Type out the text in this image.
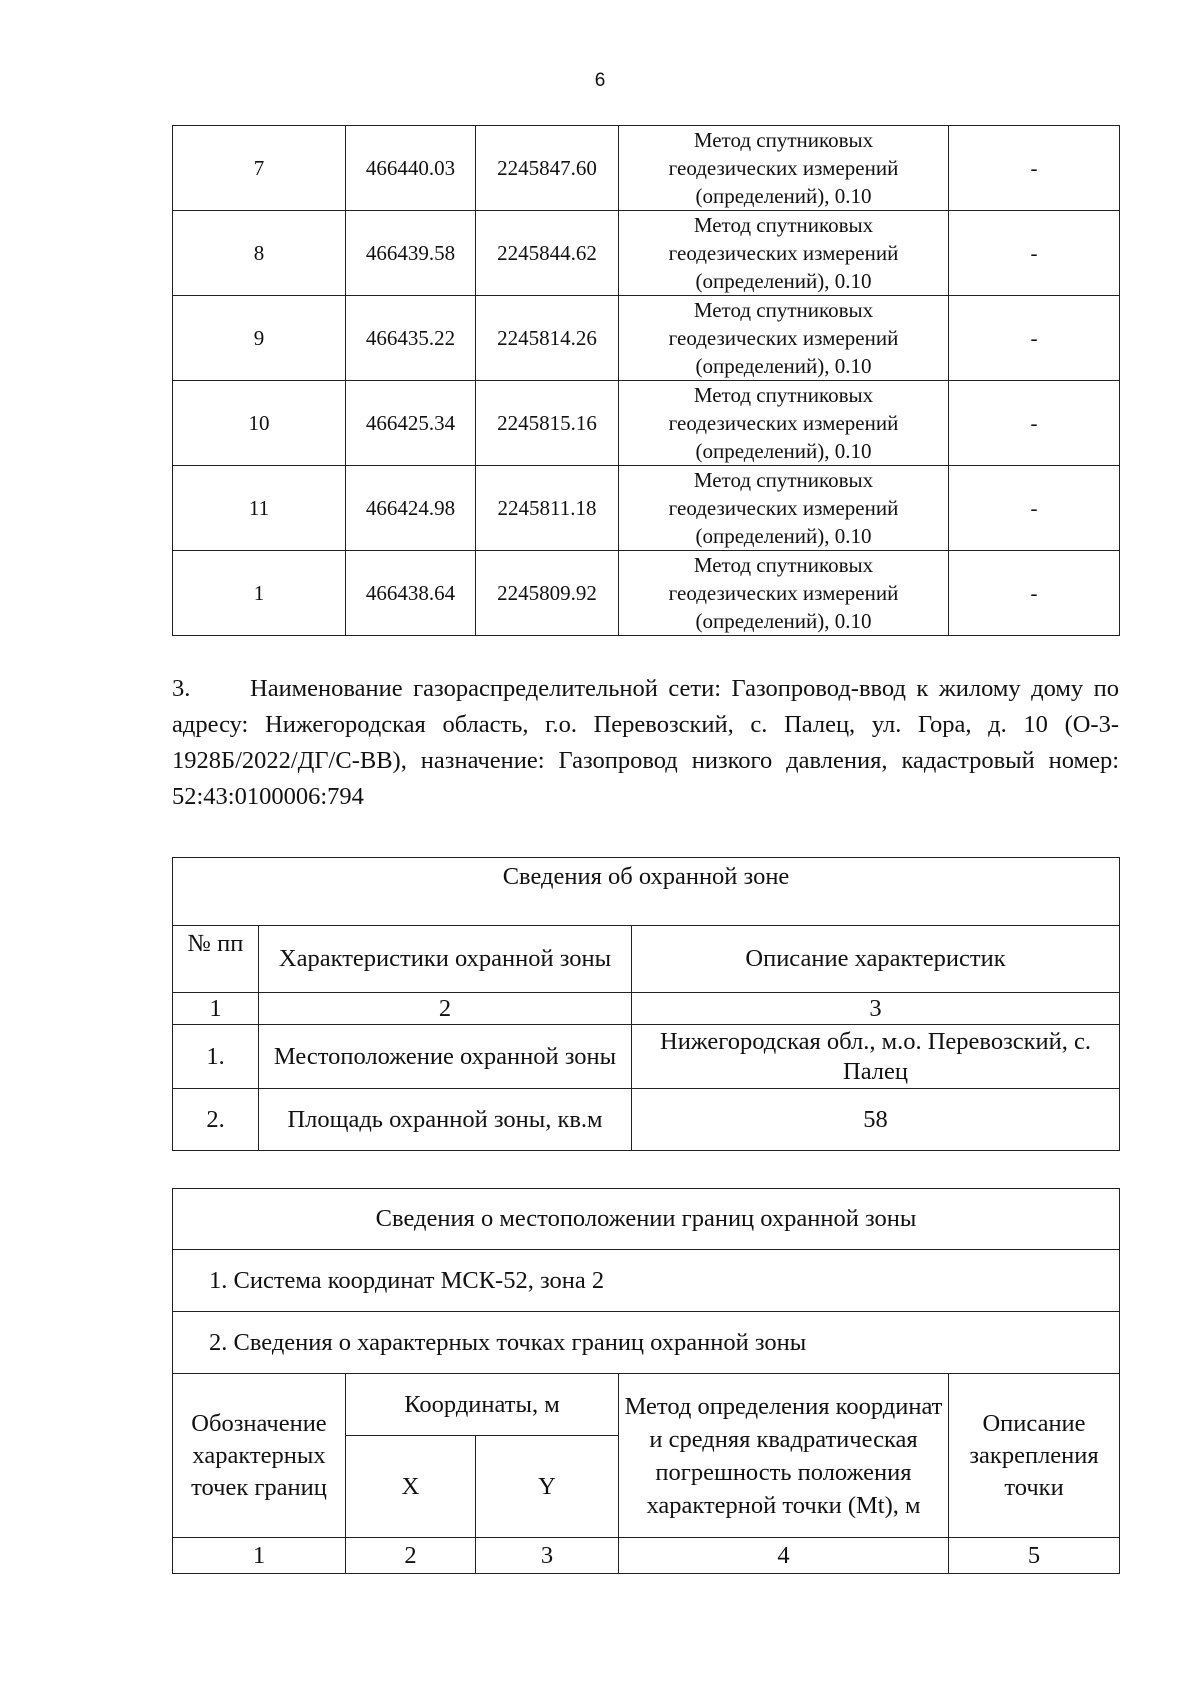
6
7	466440.03	2245847.60	Метод спутниковых
геодезических измерений
(определений), 0.10	-
8	466439.58	2245844.62	Метод спутниковых
геодезических измерений
(определений), 0.10	-
9	466435.22	2245814.26	Метод спутниковых
геодезических измерений
(определений), 0.10	-
10	466425.34	2245815.16	Метод спутниковых
геодезических измерений
(определений), 0.10	-
11	466424.98	2245811.18	Метод спутниковых
геодезических измерений
(определений), 0.10	-
1	466438.64	2245809.92	Метод спутниковых
геодезических измерений
(определений), 0.10	-
3. Наименование газораспределительной сети: Газопровод-ввод к жилому дому по адресу: Нижегородская область, г.о. Перевозский, с. Палец, ул. Гора, д. 10 (О-3-1928Б/2022/ДГ/С-ВВ), назначение: Газопровод низкого давления, кадастровый номер: 52:43:0100006:794
Сведения об охранной зоне		
№ пп	Характеристики охранной зоны	Описание характеристик
1	2	3
1.	Местоположение охранной зоны	Нижегородская обл., м.о. Перевозский, с. Палец
2.	Площадь охранной зоны, кв.м	58
Сведения о местоположении границ охранной зоны				
1. Система координат МСК-52, зона 2				
2. Сведения о характерных точках границ охранной зоны				
Обозначение характерных точек границ	Координаты, м		Метод определения координат и средняя квадратическая погрешность положения характерной точки (Mt), м	Описание закрепления точки
	X	Y		
1	2	3	4	5
